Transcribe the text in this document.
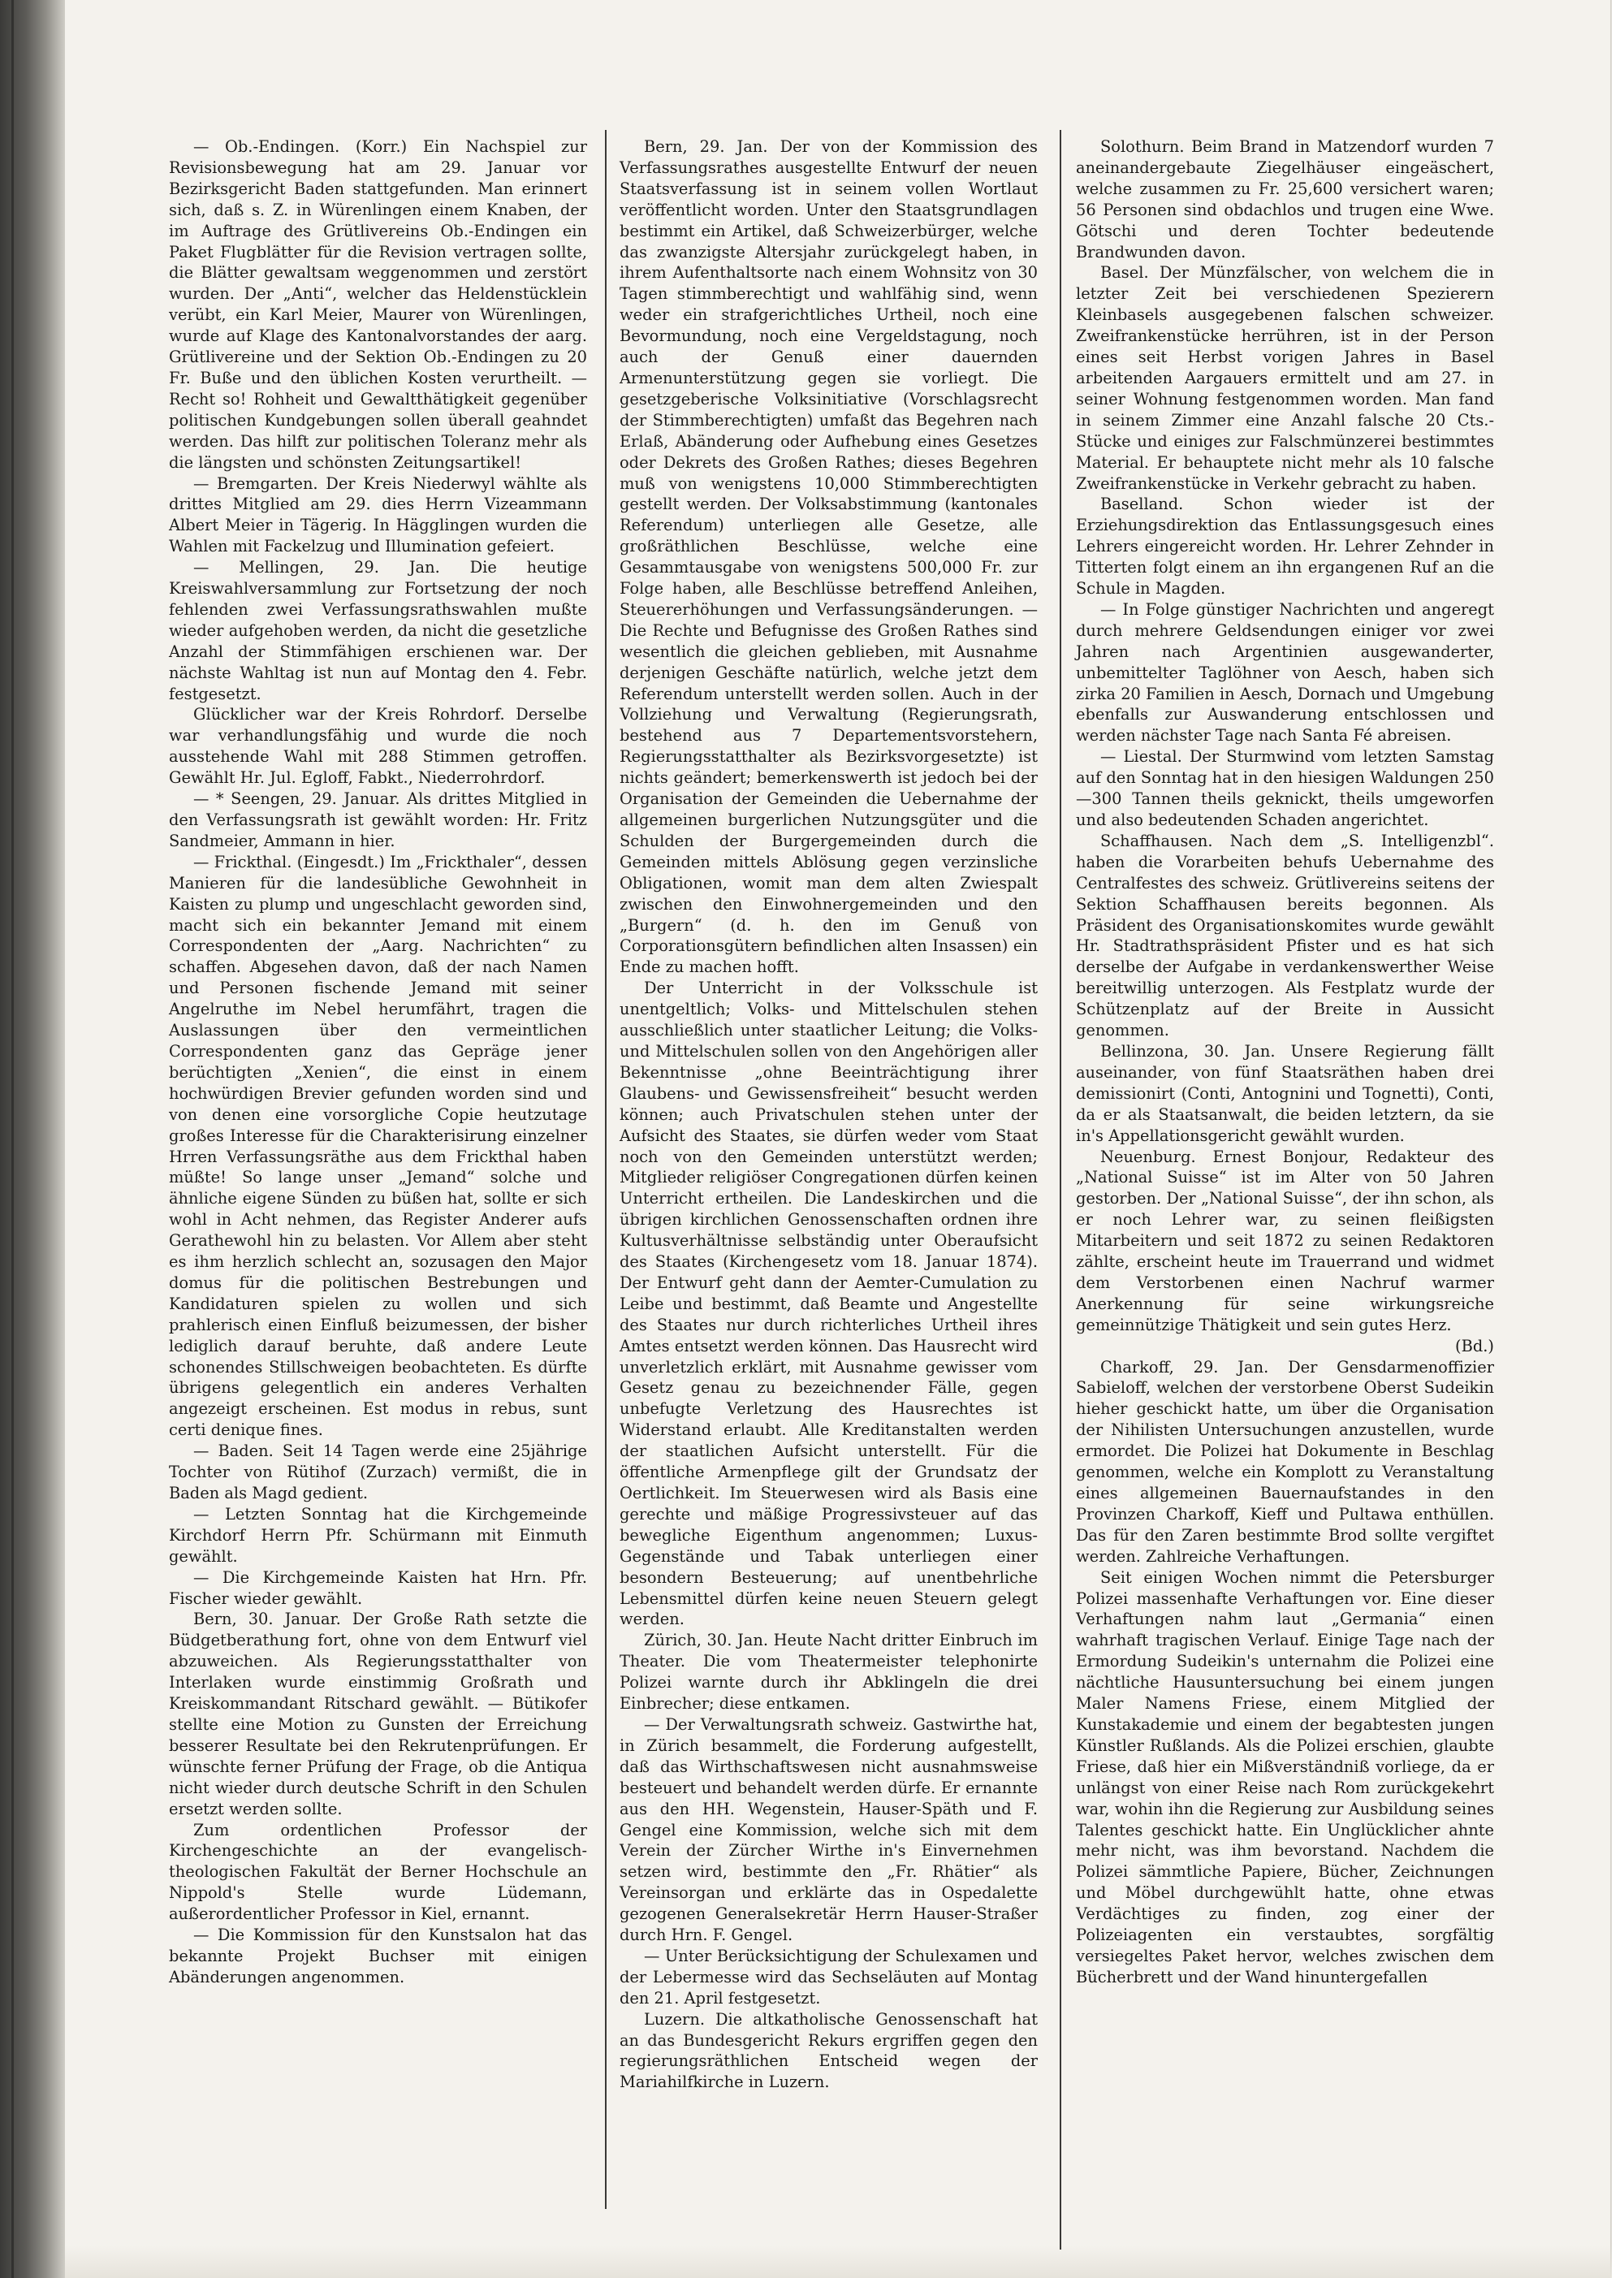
— Ob.-Endingen. (Korr.) Ein Nachspiel zur Revisionsbewegung hat am 29. Januar vor Bezirksgericht Baden stattgefunden. Man erinnert sich, daß s. Z. in Würenlingen einem Knaben, der im Auftrage des Grütlivereins Ob.-Endingen ein Paket Flugblätter für die Revision vertragen sollte, die Blätter gewaltsam weggenommen und zerstört wurden. Der „Anti“, welcher das Heldenstücklein verübt, ein Karl Meier, Maurer von Würenlingen, wurde auf Klage des Kantonalvorstandes der aarg. Grütlivereine und der Sektion Ob.-Endingen zu 20 Fr. Buße und den üblichen Kosten verurtheilt. — Recht so! Rohheit und Gewaltthätigkeit gegenüber politischen Kundgebungen sollen überall geahndet werden. Das hilft zur politischen Toleranz mehr als die längsten und schönsten Zeitungsartikel!

— Bremgarten. Der Kreis Niederwyl wählte als drittes Mitglied am 29. dies Herrn Vizeammann Albert Meier in Tägerig. In Hägglingen wurden die Wahlen mit Fackelzug und Illumination gefeiert.

— Mellingen, 29. Jan. Die heutige Kreiswahlversammlung zur Fortsetzung der noch fehlenden zwei Verfassungsrathswahlen mußte wieder aufgehoben werden, da nicht die gesetzliche Anzahl der Stimmfähigen erschienen war. Der nächste Wahltag ist nun auf Montag den 4. Febr. festgesetzt.

Glücklicher war der Kreis Rohrdorf. Derselbe war verhandlungsfähig und wurde die noch ausstehende Wahl mit 288 Stimmen getroffen. Gewählt Hr. Jul. Egloff, Fabkt., Niederrohrdorf.

— * Seengen, 29. Januar. Als drittes Mitglied in den Verfassungsrath ist gewählt worden: Hr. Fritz Sandmeier, Ammann in hier.

— Frickthal. (Eingesdt.) Im „Frickthaler“, dessen Manieren für die landesübliche Gewohnheit in Kaisten zu plump und ungeschlacht geworden sind, macht sich ein bekannter Jemand mit einem Correspondenten der „Aarg. Nachrichten“ zu schaffen. Abgesehen davon, daß der nach Namen und Personen fischende Jemand mit seiner Angelruthe im Nebel herumfährt, tragen die Auslassungen über den vermeintlichen Correspondenten ganz das Gepräge jener berüchtigten „Xenien“, die einst in einem hochwürdigen Brevier gefunden worden sind und von denen eine vorsorgliche Copie heutzutage großes Interesse für die Charakterisirung einzelner Hrren Verfassungsräthe aus dem Frickthal haben müßte! So lange unser „Jemand“ solche und ähnliche eigene Sünden zu büßen hat, sollte er sich wohl in Acht nehmen, das Register Anderer aufs Gerathewohl hin zu belasten. Vor Allem aber steht es ihm herzlich schlecht an, sozusagen den Major domus für die politischen Bestrebungen und Kandidaturen spielen zu wollen und sich prahlerisch einen Einfluß beizumessen, der bisher lediglich darauf beruhte, daß andere Leute schonendes Stillschweigen beobachteten. Es dürfte übrigens gelegentlich ein anderes Verhalten angezeigt erscheinen. Est modus in rebus, sunt certi denique fines.

— Baden. Seit 14 Tagen werde eine 25jährige Tochter von Rütihof (Zurzach) vermißt, die in Baden als Magd gedient.

— Letzten Sonntag hat die Kirchgemeinde Kirchdorf Herrn Pfr. Schürmann mit Einmuth gewählt.

— Die Kirchgemeinde Kaisten hat Hrn. Pfr. Fischer wieder gewählt.

Bern, 30. Januar. Der Große Rath setzte die Büdgetberathung fort, ohne von dem Entwurf viel abzuweichen. Als Regierungsstatthalter von Interlaken wurde einstimmig Großrath und Kreiskommandant Ritschard gewählt. — Bütikofer stellte eine Motion zu Gunsten der Erreichung besserer Resultate bei den Rekrutenprüfungen. Er wünschte ferner Prüfung der Frage, ob die Antiqua nicht wieder durch deutsche Schrift in den Schulen ersetzt werden sollte.

Zum ordentlichen Professor der Kirchengeschichte an der evangelisch-theologischen Fakultät der Berner Hochschule an Nippold's Stelle wurde Lüdemann, außerordentlicher Professor in Kiel, ernannt.

— Die Kommission für den Kunstsalon hat das bekannte Projekt Buchser mit einigen Abänderungen angenommen.

Bern, 29. Jan. Der von der Kommission des Verfassungsrathes ausgestellte Entwurf der neuen Staatsverfassung ist in seinem vollen Wortlaut veröffentlicht worden. Unter den Staatsgrundlagen bestimmt ein Artikel, daß Schweizerbürger, welche das zwanzigste Altersjahr zurückgelegt haben, in ihrem Aufenthaltsorte nach einem Wohnsitz von 30 Tagen stimmberechtigt und wahlfähig sind, wenn weder ein strafgerichtliches Urtheil, noch eine Bevormundung, noch eine Vergeldstagung, noch auch der Genuß einer dauernden Armenunterstützung gegen sie vorliegt. Die gesetzgeberische Volksinitiative (Vorschlagsrecht der Stimmberechtigten) umfaßt das Begehren nach Erlaß, Abänderung oder Aufhebung eines Gesetzes oder Dekrets des Großen Rathes; dieses Begehren muß von wenigstens 10,000 Stimmberechtigten gestellt werden. Der Volksabstimmung (kantonales Referendum) unterliegen alle Gesetze, alle großräthlichen Beschlüsse, welche eine Gesammtausgabe von wenigstens 500,000 Fr. zur Folge haben, alle Beschlüsse betreffend Anleihen, Steuererhöhungen und Verfassungsänderungen. — Die Rechte und Befugnisse des Großen Rathes sind wesentlich die gleichen geblieben, mit Ausnahme derjenigen Geschäfte natürlich, welche jetzt dem Referendum unterstellt werden sollen. Auch in der Vollziehung und Verwaltung (Regierungsrath, bestehend aus 7 Departementsvorstehern, Regierungsstatthalter als Bezirksvorgesetzte) ist nichts geändert; bemerkenswerth ist jedoch bei der Organisation der Gemeinden die Uebernahme der allgemeinen burgerlichen Nutzungsgüter und die Schulden der Burgergemeinden durch die Gemeinden mittels Ablösung gegen verzinsliche Obligationen, womit man dem alten Zwiespalt zwischen den Einwohnergemeinden und den „Burgern“ (d. h. den im Genuß von Corporationsgütern befindlichen alten Insassen) ein Ende zu machen hofft.

Der Unterricht in der Volksschule ist unentgeltlich; Volks- und Mittelschulen stehen ausschließlich unter staatlicher Leitung; die Volks- und Mittelschulen sollen von den Angehörigen aller Bekenntnisse „ohne Beeinträchtigung ihrer Glaubens- und Gewissensfreiheit“ besucht werden können; auch Privatschulen stehen unter der Aufsicht des Staates, sie dürfen weder vom Staat noch von den Gemeinden unterstützt werden; Mitglieder religiöser Congregationen dürfen keinen Unterricht ertheilen. Die Landeskirchen und die übrigen kirchlichen Genossenschaften ordnen ihre Kultusverhältnisse selbständig unter Oberaufsicht des Staates (Kirchengesetz vom 18. Januar 1874). Der Entwurf geht dann der Aemter-Cumulation zu Leibe und bestimmt, daß Beamte und Angestellte des Staates nur durch richterliches Urtheil ihres Amtes entsetzt werden können. Das Hausrecht wird unverletzlich erklärt, mit Ausnahme gewisser vom Gesetz genau zu bezeichnender Fälle, gegen unbefugte Verletzung des Hausrechtes ist Widerstand erlaubt. Alle Kreditanstalten werden der staatlichen Aufsicht unterstellt. Für die öffentliche Armenpflege gilt der Grundsatz der Oertlichkeit. Im Steuerwesen wird als Basis eine gerechte und mäßige Progressivsteuer auf das bewegliche Eigenthum angenommen; Luxus-Gegenstände und Tabak unterliegen einer besondern Besteuerung; auf unentbehrliche Lebensmittel dürfen keine neuen Steuern gelegt werden.

Zürich, 30. Jan. Heute Nacht dritter Einbruch im Theater. Die vom Theatermeister telephonirte Polizei warnte durch ihr Abklingeln die drei Einbrecher; diese entkamen.

— Der Verwaltungsrath schweiz. Gastwirthe hat, in Zürich besammelt, die Forderung aufgestellt, daß das Wirthschaftswesen nicht ausnahmsweise besteuert und behandelt werden dürfe. Er ernannte aus den HH. Wegenstein, Hauser-Späth und F. Gengel eine Kommission, welche sich mit dem Verein der Zürcher Wirthe in's Einvernehmen setzen wird, bestimmte den „Fr. Rhätier“ als Vereinsorgan und erklärte das in Ospedalette gezogenen Generalsekretär Herrn Hauser-Straßer durch Hrn. F. Gengel.

— Unter Berücksichtigung der Schulexamen und der Lebermesse wird das Sechseläuten auf Montag den 21. April festgesetzt.

Luzern. Die altkatholische Genossenschaft hat an das Bundesgericht Rekurs ergriffen gegen den regierungsräthlichen Entscheid wegen der Mariahilfkirche in Luzern.

Solothurn. Beim Brand in Matzendorf wurden 7 aneinandergebaute Ziegelhäuser eingeäschert, welche zusammen zu Fr. 25,600 versichert waren; 56 Personen sind obdachlos und trugen eine Wwe. Götschi und deren Tochter bedeutende Brandwunden davon.

Basel. Der Münzfälscher, von welchem die in letzter Zeit bei verschiedenen Spezierern Kleinbasels ausgegebenen falschen schweizer. Zweifrankenstücke herrühren, ist in der Person eines seit Herbst vorigen Jahres in Basel arbeitenden Aargauers ermittelt und am 27. in seiner Wohnung festgenommen worden. Man fand in seinem Zimmer eine Anzahl falsche 20 Cts.-Stücke und einiges zur Falschmünzerei bestimmtes Material. Er behauptete nicht mehr als 10 falsche Zweifrankenstücke in Verkehr gebracht zu haben.

Baselland. Schon wieder ist der Erziehungsdirektion das Entlassungsgesuch eines Lehrers eingereicht worden. Hr. Lehrer Zehnder in Titterten folgt einem an ihn ergangenen Ruf an die Schule in Magden.

— In Folge günstiger Nachrichten und angeregt durch mehrere Geldsendungen einiger vor zwei Jahren nach Argentinien ausgewanderter, unbemittelter Taglöhner von Aesch, haben sich zirka 20 Familien in Aesch, Dornach und Umgebung ebenfalls zur Auswanderung entschlossen und werden nächster Tage nach Santa Fé abreisen.

— Liestal. Der Sturmwind vom letzten Samstag auf den Sonntag hat in den hiesigen Waldungen 250—300 Tannen theils geknickt, theils umgeworfen und also bedeutenden Schaden angerichtet.

Schaffhausen. Nach dem „S. Intelligenzbl“. haben die Vorarbeiten behufs Uebernahme des Centralfestes des schweiz. Grütlivereins seitens der Sektion Schaffhausen bereits begonnen. Als Präsident des Organisationskomites wurde gewählt Hr. Stadtrathspräsident Pfister und es hat sich derselbe der Aufgabe in verdankenswerther Weise bereitwillig unterzogen. Als Festplatz wurde der Schützenplatz auf der Breite in Aussicht genommen.

Bellinzona, 30. Jan. Unsere Regierung fällt auseinander, von fünf Staatsräthen haben drei demissionirt (Conti, Antognini und Tognetti), Conti, da er als Staatsanwalt, die beiden letztern, da sie in's Appellationsgericht gewählt wurden.

Neuenburg. Ernest Bonjour, Redakteur des „National Suisse“ ist im Alter von 50 Jahren gestorben. Der „National Suisse“, der ihn schon, als er noch Lehrer war, zu seinen fleißigsten Mitarbeitern und seit 1872 zu seinen Redaktoren zählte, erscheint heute im Trauerrand und widmet dem Verstorbenen einen Nachruf warmer Anerkennung für seine wirkungsreiche gemeinnützige Thätigkeit und sein gutes Herz.

(Bd.)

Charkoff, 29. Jan. Der Gensdarmenoffizier Sabieloff, welchen der verstorbene Oberst Sudeikin hieher geschickt hatte, um über die Organisation der Nihilisten Untersuchungen anzustellen, wurde ermordet. Die Polizei hat Dokumente in Beschlag genommen, welche ein Komplott zu Veranstaltung eines allgemeinen Bauernaufstandes in den Provinzen Charkoff, Kieff und Pultawa enthüllen. Das für den Zaren bestimmte Brod sollte vergiftet werden. Zahlreiche Verhaftungen.

Seit einigen Wochen nimmt die Petersburger Polizei massenhafte Verhaftungen vor. Eine dieser Verhaftungen nahm laut „Germania“ einen wahrhaft tragischen Verlauf. Einige Tage nach der Ermordung Sudeikin's unternahm die Polizei eine nächtliche Hausuntersuchung bei einem jungen Maler Namens Friese, einem Mitglied der Kunstakademie und einem der begabtesten jungen Künstler Rußlands. Als die Polizei erschien, glaubte Friese, daß hier ein Mißverständniß vorliege, da er unlängst von einer Reise nach Rom zurückgekehrt war, wohin ihn die Regierung zur Ausbildung seines Talentes geschickt hatte. Ein Unglücklicher ahnte mehr nicht, was ihm bevorstand. Nachdem die Polizei sämmtliche Papiere, Bücher, Zeichnungen und Möbel durchgewühlt hatte, ohne etwas Verdächtiges zu finden, zog einer der Polizeiagenten ein verstaubtes, sorgfältig versiegeltes Paket hervor, welches zwischen dem Bücherbrett und der Wand hinuntergefallen
